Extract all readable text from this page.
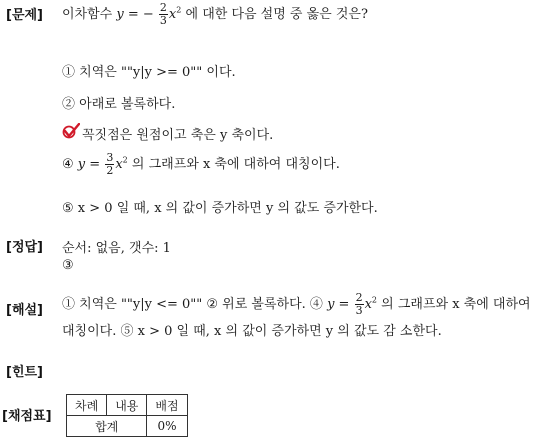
[문제]
[정답]
[해설]
[힌트]
[채점표]
이차함수 y = − $\frac{2}{3} x^2$ 에 대한 다음 설명 중 옳은 것은?
① 치역은 ""y|y >= 0"" 이다.
② 아래로 볼록하다.
꼭짓점은 원점이고 축은 y 축이다.
④ $y = \frac{3}{2} x^2$ 의 그래프와 x 축에 대하여 대칭이다.
⑤ x > 0 일 때, x 의 값이 증가하면 y 의 값도 증가한다.
순서: 없음, 갯수: 1
③
① 치역은 ""y|y <= 0"" ② 위로 볼록하다. ④ $y = \frac{2}{3} x^2$ 의 그래프와 x 축에 대하여
대칭이다. ⑤ x > 0 일 때, x 의 값이 증가하면 y 의 값도 감 소한다.
차례	내용	배점
합계		0%
